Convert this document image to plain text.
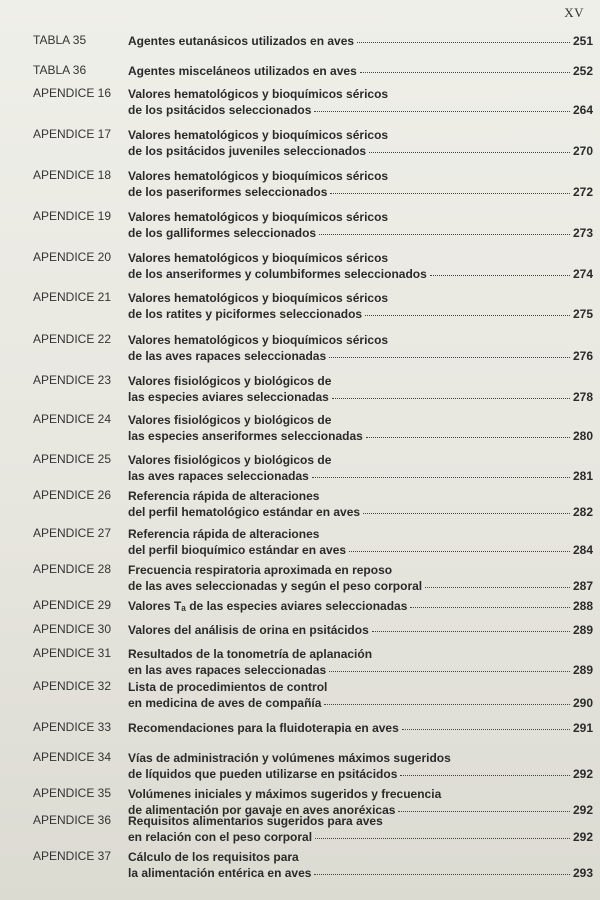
XV
TABLA 35	Agentes eutanásicos utilizados en aves	251
TABLA 36	Agentes misceláneos utilizados en aves	252
APENDICE 16 Valores hematológicos y bioquímicos séricos
de los psitácidos seleccionados	264
APENDICE 17 Valores hematológicos y bioquímicos séricos
de los psitácidos juveniles seleccionados	270
APENDICE 18 Valores hematológicos y bioquímicos séricos
de los paseriformes seleccionados	272
APENDICE 19 Valores hematológicos y bioquímicos séricos
de los galliformes seleccionados	273
APENDICE 20 Valores hematológicos y bioquímicos séricos
de los anseriformes y columbiformes seleccionados	274
APENDICE 21 Valores hematológicos y bioquímicos séricos
de los ratites y piciformes seleccionados	275
APENDICE 22 Valores hematológicos y bioquímicos séricos
de las aves rapaces seleccionadas	276
APENDICE 23 Valores fisiológicos y biológicos de
las especies aviares seleccionadas	278
APENDICE 24 Valores fisiológicos y biológicos de
las especies anseriformes seleccionadas	280
APENDICE 25 Valores fisiológicos y biológicos de
las aves rapaces seleccionadas	281
APENDICE 26 Referencia rápida de alteraciones
del perfil hematológico estándar en aves	282
APENDICE 27 Referencia rápida de alteraciones
del perfil bioquímico estándar en aves	284
APENDICE 28 Frecuencia respiratoria aproximada en reposo
de las aves seleccionadas y según el peso corporal	287
APENDICE 29 Valores Tₐ de las especies aviares seleccionadas	288
APENDICE 30 Valores del análisis de orina en psitácidos	289
APENDICE 31 Resultados de la tonometría de aplanación
en las aves rapaces seleccionadas	289
APENDICE 32 Lista de procedimientos de control
en medicina de aves de compañía	290
APENDICE 33 Recomendaciones para la fluidoterapia en aves	291
APENDICE 34 Vías de administración y volúmenes máximos sugeridos
de líquidos que pueden utilizarse en psitácidos	292
APENDICE 35 Volúmenes iniciales y máximos sugeridos y frecuencia
de alimentación por gavaje en aves anoréxicas	292
APENDICE 36 Requisitos alimentarios sugeridos para aves
en relación con el peso corporal	292
APENDICE 37 Cálculo de los requisitos para
la alimentación entérica en aves	293
